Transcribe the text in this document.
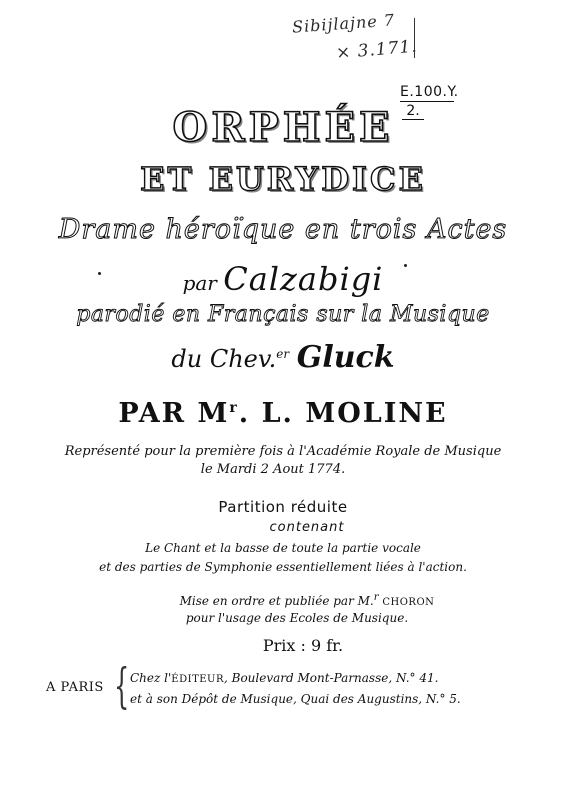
Sibijlajne 7
× 3.171.
E.100.Y.
2.
ORPHÉE
ET EURYDICE
Drame héroïque en trois Actes
par Calzabigi
parodié en Français sur la Musique
du Chev.$^{er}$ Gluck
PAR $M^r$. L. MOLINE
Représenté pour la première fois à l'Académie Royale de Musique
le Mardi 2 Aout 1774.
Partition réduite
contenant
Le Chant et la basse de toute la partie vocale
et des parties de Symphonie essentiellement liées à l'action.
Mise en ordre et publiée par M.$^r$ CHORON
pour l'usage des Ecoles de Musique.
Prix : 9 fr.
A PARIS { Chez l'ÉDITEUR, Boulevard Mont-Parnasse, N.° 41.
et à son Dépôt de Musique, Quai des Augustins, N.° 5.
